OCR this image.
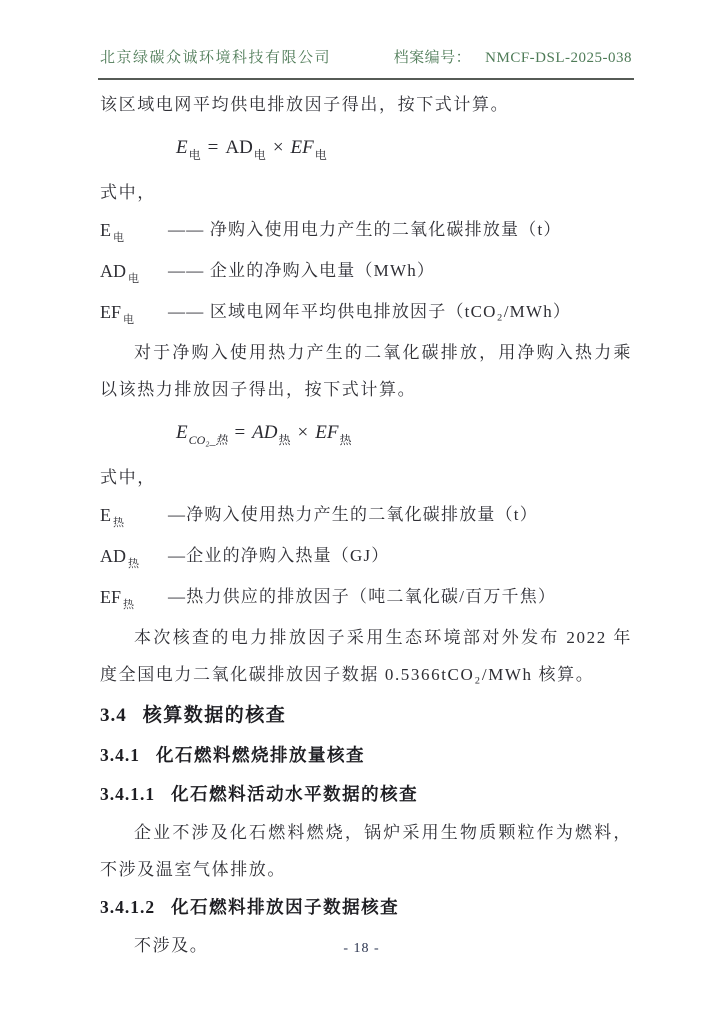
北京绿碳众诚环境科技有限公司	档案编号： NMCF-DSL-2025-038

该区域电网平均供电排放因子得出，按下式计算。

$E_电 = AD_电 \times EF_电$

式中，

E $_电$	—— 净购入使用电力产生的二氧化碳排放量（t）
AD $_电$	—— 企业的净购入电量（MWh）
EF $_电$	—— 区域电网年平均供电排放因子（tCO₂/MWh）

对于净购入使用热力产生的二氧化碳排放，用净购入热力乘以该热力排放因子得出，按下式计算。

$E_{CO_2\_热} = AD_热 \times EF_热$

式中，

E $_热$	—净购入使用热力产生的二氧化碳排放量（t）
AD $_热$	—企业的净购入热量（GJ）
EF $_热$	—热力供应的排放因子（吨二氧化碳/百万千焦）

本次核查的电力排放因子采用生态环境部对外发布 2022 年度全国电力二氧化碳排放因子数据 0.5366tCO₂/MWh 核算。

3.4 核算数据的核查
3.4.1 化石燃料燃烧排放量核查
3.4.1.1 化石燃料活动水平数据的核查

企业不涉及化石燃料燃烧，锅炉采用生物质颗粒作为燃料，不涉及温室气体排放。

3.4.1.2 化石燃料排放因子数据核查

不涉及。	- 18 -
